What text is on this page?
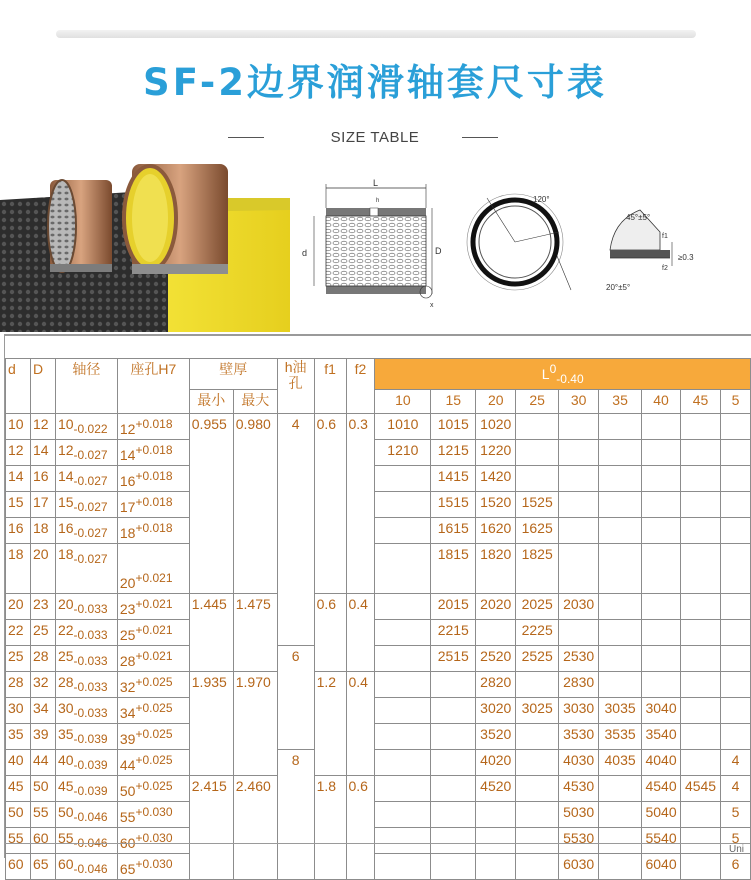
SF-2边界润滑轴套尺寸表
SIZE TABLE
L
h
d	D
x
120°
45°±5°
20°±5°
f1
f2
≥0.3
d	D	轴径	座孔H7	壁厚		h油孔	f1	f2	L0-0.40								
				最小	最大				10	15	20	25	30	35	40	45	5
10	12	10-0.022	12+0.018	0.955	0.980	4	0.6	0.3	1010	1015	1020						
12	14	12-0.027	14+0.018						1210	1215	1220						
14	16	14-0.027	16+0.018							1415	1420						
15	17	15-0.027	17+0.018							1515	1520	1525					
16	18	16-0.027	18+0.018							1615	1620	1625					
18	20	18-0.027	20+0.021							1815	1820	1825					
20	23	20-0.033	23+0.021	1.445	1.475		0.6	0.4		2015	2020	2025	2030				
22	25	22-0.033	25+0.021							2215		2225					
25	28	25-0.033	28+0.021			6				2515	2520	2525	2530				
28	32	28-0.033	32+0.025	1.935	1.970		1.2	0.4			2820		2830				
30	34	30-0.033	34+0.025								3020	3025	3030	3035	3040		
35	39	35-0.039	39+0.025								3520		3530	3535	3540		
40	44	40-0.039	44+0.025			8					4020		4030	4035	4040		4
45	50	45-0.039	50+0.025	2.415	2.460		1.8	0.6			4520		4530		4540	4545	4
50	55	50-0.046	55+0.030										5030		5040		5
55	60	55-0.046	60+0.030										5530		5540		5
60	65	60-0.046	65+0.030										6030		6040		6
Uni
